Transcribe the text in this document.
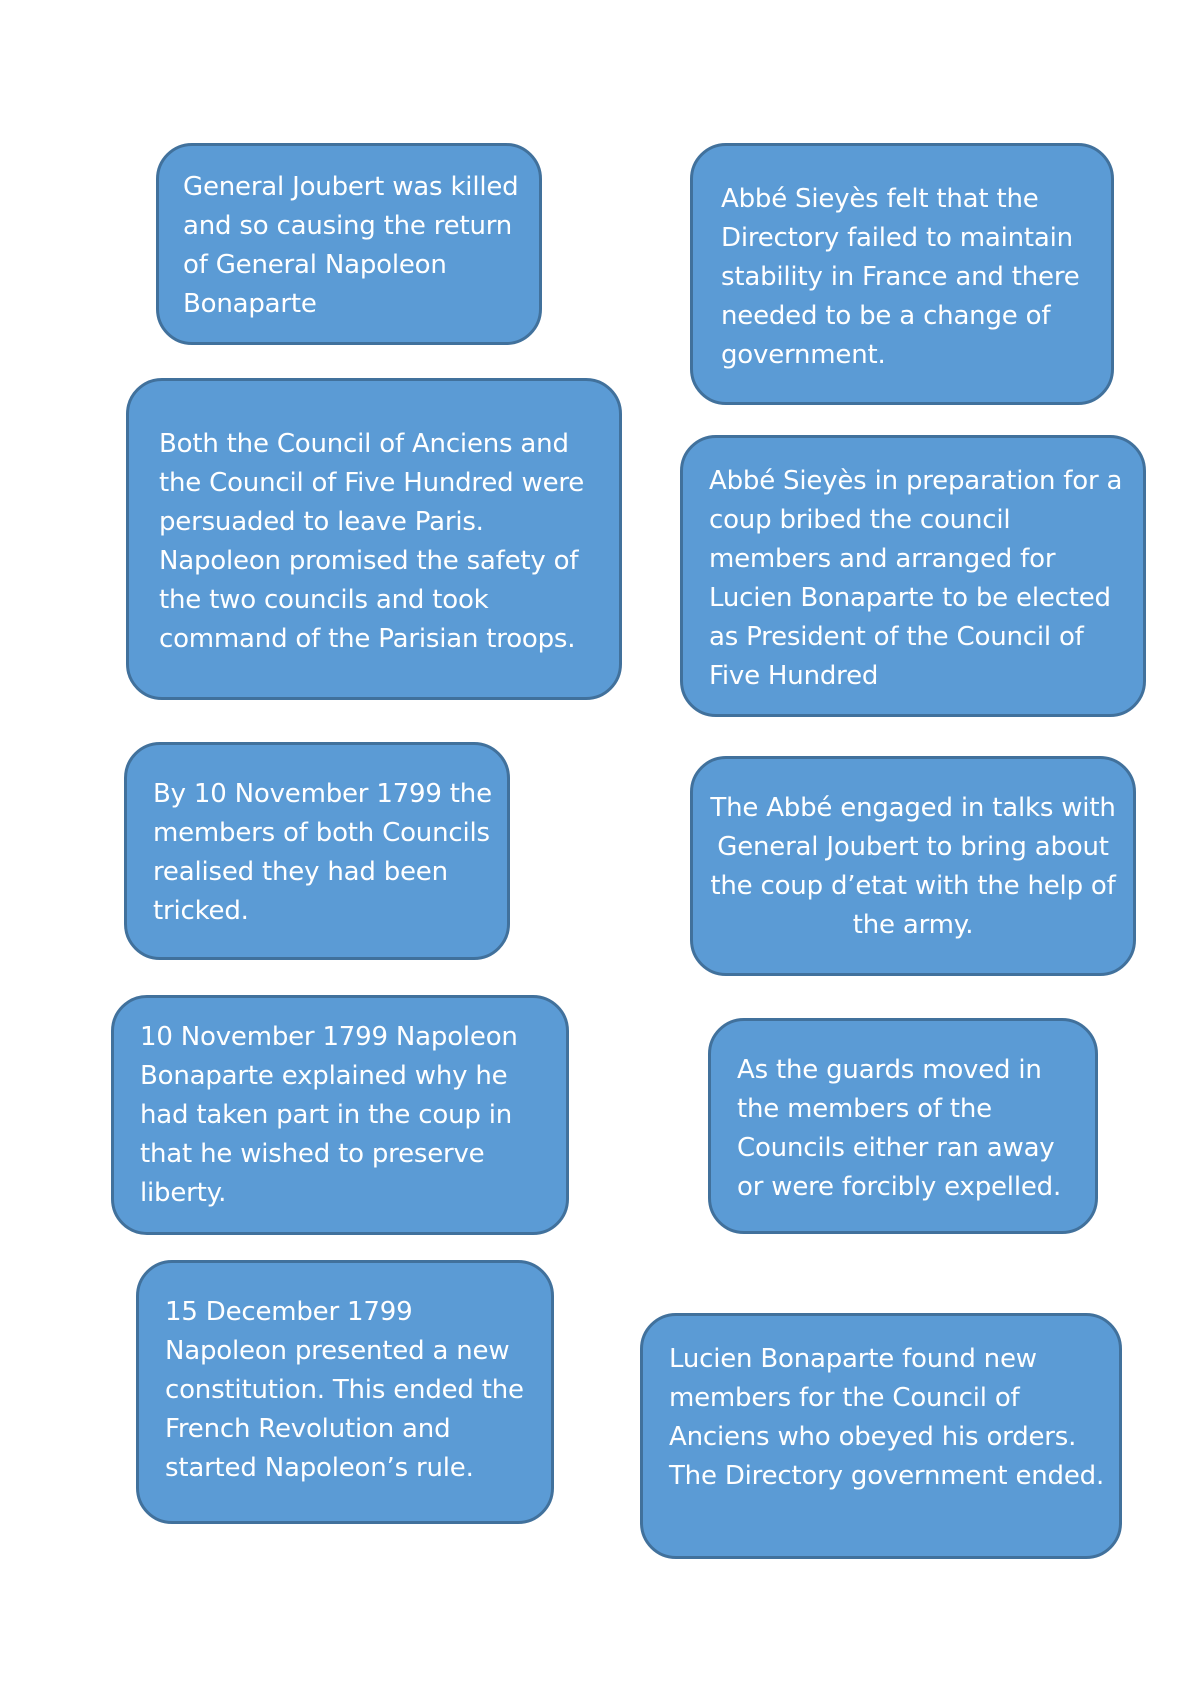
General Joubert was killed and so causing the return of General Napoleon Bonaparte
Abbé Sieyès felt that the Directory failed to maintain stability in France and there needed to be a change of government.
Both the Council of Anciens and the Council of Five Hundred were persuaded to leave Paris. Napoleon promised the safety of the two councils and took command of the Parisian troops.
Abbé Sieyès in preparation for a coup bribed the council members and arranged for Lucien Bonaparte to be elected as President of the Council of Five Hundred
By 10 November 1799 the members of both Councils realised they had been tricked.
The Abbé engaged in talks with General Joubert to bring about the coup d’etat with the help of the army.
10 November 1799 Napoleon Bonaparte explained why he had taken part in the coup in that he wished to preserve liberty.
As the guards moved in the members of the Councils either ran away or were forcibly expelled.
15 December 1799 Napoleon presented a new constitution. This ended the French Revolution and started Napoleon’s rule.
Lucien Bonaparte found new members for the Council of Anciens who obeyed his orders. The Directory government ended.
